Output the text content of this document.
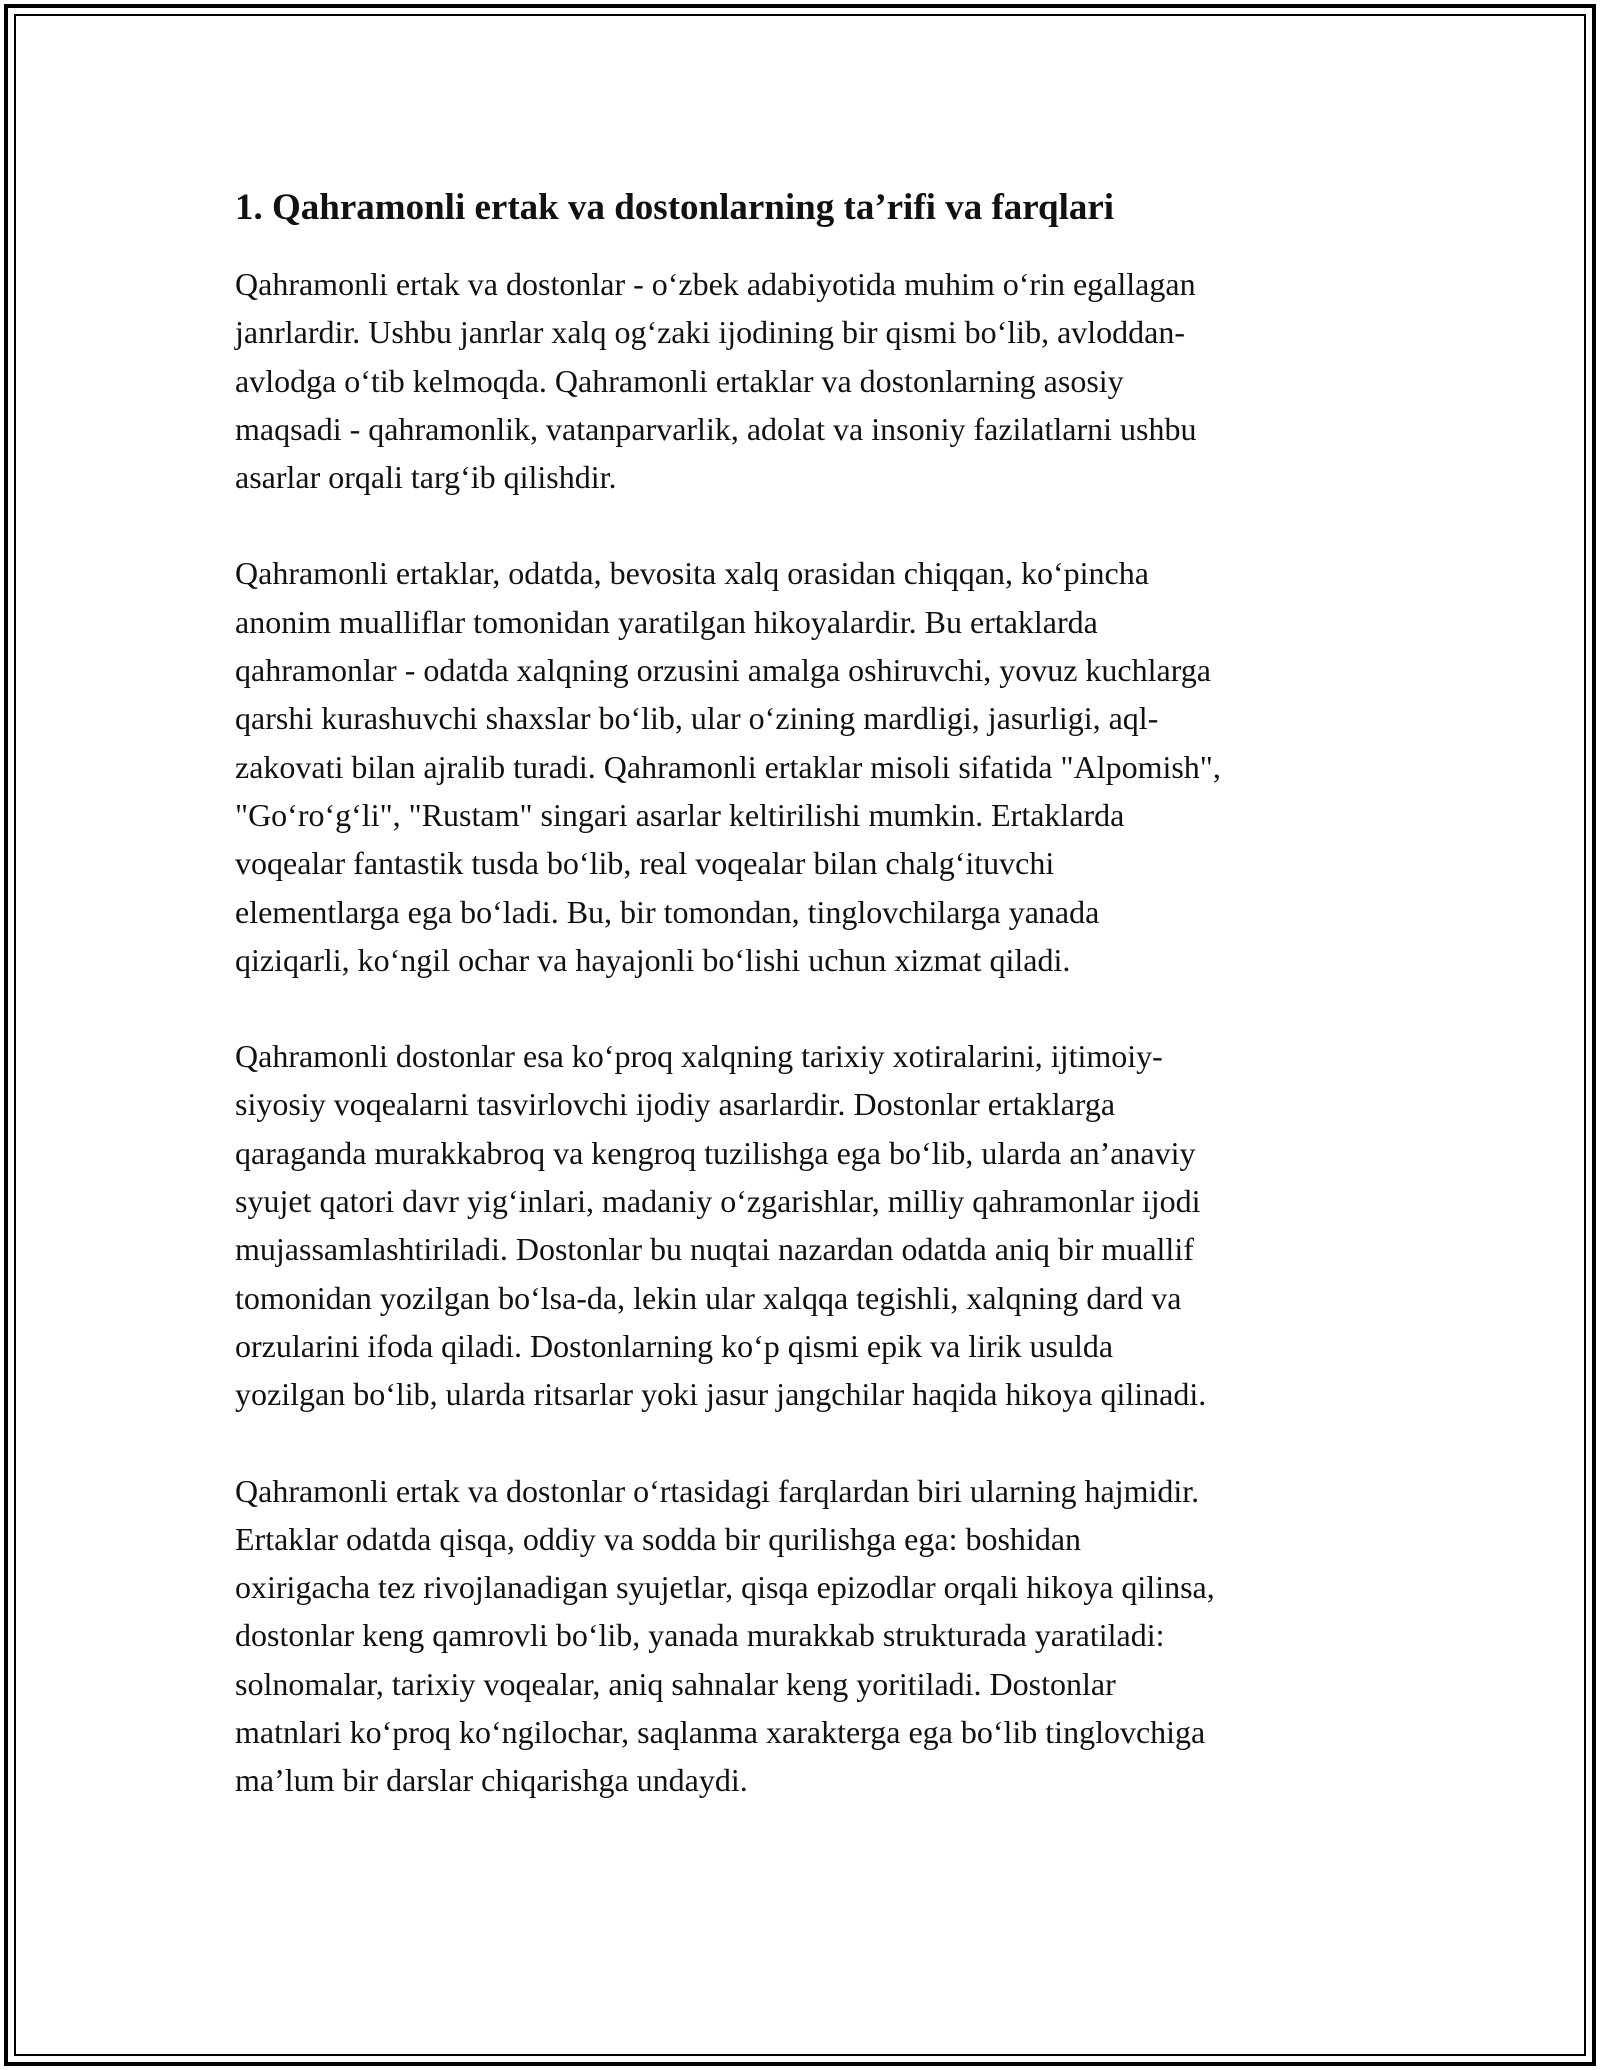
1. Qahramonli ertak va dostonlarning ta’rifi va farqlari

Qahramonli ertak va dostonlar - o‘zbek adabiyotida muhim o‘rin egallagan
janrlardir. Ushbu janrlar xalq og‘zaki ijodining bir qismi bo‘lib, avloddan-
avlodga o‘tib kelmoqda. Qahramonli ertaklar va dostonlarning asosiy
maqsadi - qahramonlik, vatanparvarlik, adolat va insoniy fazilatlarni ushbu
asarlar orqali targ‘ib qilishdir.

Qahramonli ertaklar, odatda, bevosita xalq orasidan chiqqan, ko‘pincha
anonim mualliflar tomonidan yaratilgan hikoyalardir. Bu ertaklarda
qahramonlar - odatda xalqning orzusini amalga oshiruvchi, yovuz kuchlarga
qarshi kurashuvchi shaxslar bo‘lib, ular o‘zining mardligi, jasurligi, aql-
zakovati bilan ajralib turadi. Qahramonli ertaklar misoli sifatida "Alpomish",
"Go‘ro‘g‘li", "Rustam" singari asarlar keltirilishi mumkin. Ertaklarda
voqealar fantastik tusda bo‘lib, real voqealar bilan chalg‘ituvchi
elementlarga ega bo‘ladi. Bu, bir tomondan, tinglovchilarga yanada
qiziqarli, ko‘ngil ochar va hayajonli bo‘lishi uchun xizmat qiladi.

Qahramonli dostonlar esa ko‘proq xalqning tarixiy xotiralarini, ijtimoiy-
siyosiy voqealarni tasvirlovchi ijodiy asarlardir. Dostonlar ertaklarga
qaraganda murakkabroq va kengroq tuzilishga ega bo‘lib, ularda an’anaviy
syujet qatori davr yig‘inlari, madaniy o‘zgarishlar, milliy qahramonlar ijodi
mujassamlashtiriladi. Dostonlar bu nuqtai nazardan odatda aniq bir muallif
tomonidan yozilgan bo‘lsa-da, lekin ular xalqqa tegishli, xalqning dard va
orzularini ifoda qiladi. Dostonlarning ko‘p qismi epik va lirik usulda
yozilgan bo‘lib, ularda ritsarlar yoki jasur jangchilar haqida hikoya qilinadi.

Qahramonli ertak va dostonlar o‘rtasidagi farqlardan biri ularning hajmidir.
Ertaklar odatda qisqa, oddiy va sodda bir qurilishga ega: boshidan
oxirigacha tez rivojlanadigan syujetlar, qisqa epizodlar orqali hikoya qilinsa,
dostonlar keng qamrovli bo‘lib, yanada murakkab strukturada yaratiladi:
solnomalar, tarixiy voqealar, aniq sahnalar keng yoritiladi. Dostonlar
matnlari ko‘proq ko‘ngilochar, saqlanma xarakterga ega bo‘lib tinglovchiga
ma’lum bir darslar chiqarishga undaydi.
